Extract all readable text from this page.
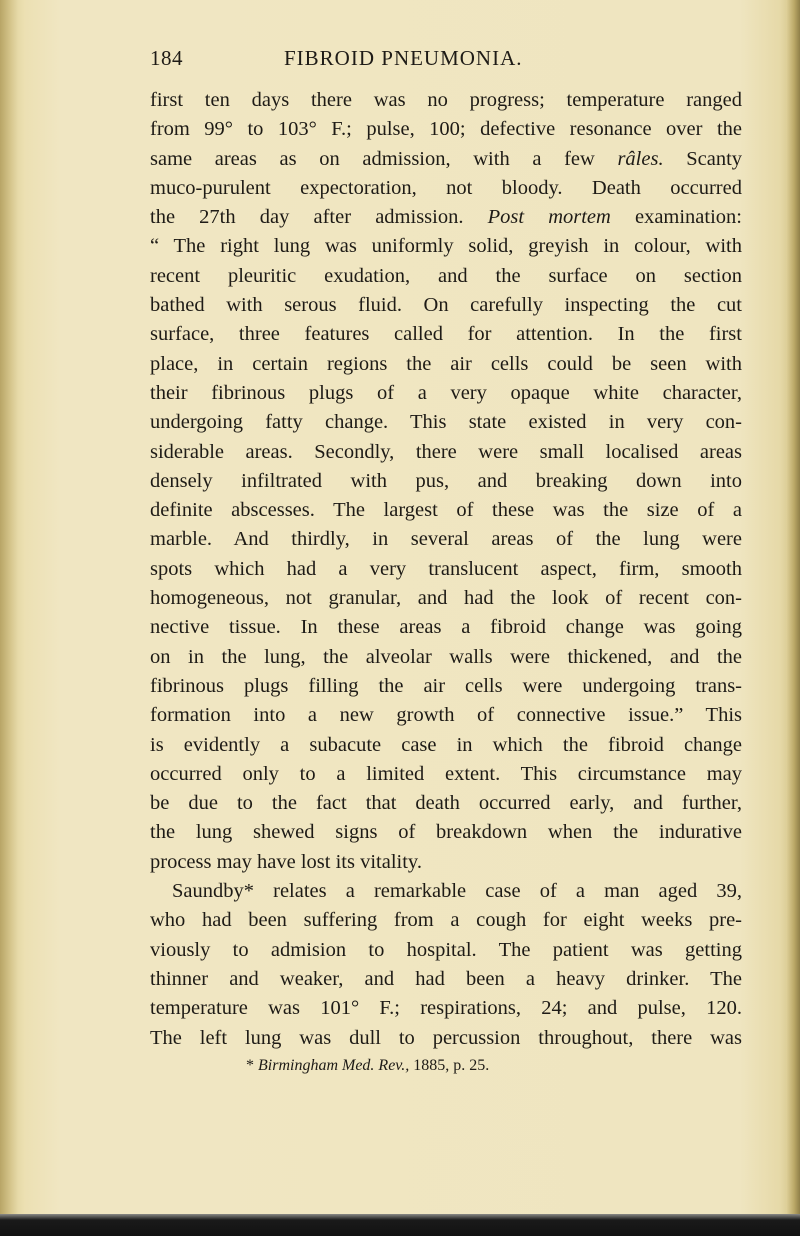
184	FIBROID PNEUMONIA.
first ten days there was no progress; temperature ranged
from 99° to 103° F.; pulse, 100; defective resonance over the
same areas as on admission, with a few râles. Scanty
muco-purulent expectoration, not bloody. Death occurred
the 27th day after admission. Post mortem examination:
“ The right lung was uniformly solid, greyish in colour, with
recent pleuritic exudation, and the surface on section
bathed with serous fluid. On carefully inspecting the cut
surface, three features called for attention. In the first
place, in certain regions the air cells could be seen with
their fibrinous plugs of a very opaque white character,
undergoing fatty change. This state existed in very con-
siderable areas. Secondly, there were small localised areas
densely infiltrated with pus, and breaking down into
definite abscesses. The largest of these was the size of a
marble. And thirdly, in several areas of the lung were
spots which had a very translucent aspect, firm, smooth
homogeneous, not granular, and had the look of recent con-
nective tissue. In these areas a fibroid change was going
on in the lung, the alveolar walls were thickened, and the
fibrinous plugs filling the air cells were undergoing trans-
formation into a new growth of connective issue.” This
is evidently a subacute case in which the fibroid change
occurred only to a limited extent. This circumstance may
be due to the fact that death occurred early, and further,
the lung shewed signs of breakdown when the indurative
process may have lost its vitality.
Saundby* relates a remarkable case of a man aged 39,
who had been suffering from a cough for eight weeks pre-
viously to admision to hospital. The patient was getting
thinner and weaker, and had been a heavy drinker. The
temperature was 101° F.; respirations, 24; and pulse, 120.
The left lung was dull to percussion throughout, there was
* Birmingham Med. Rev., 1885, p. 25.
